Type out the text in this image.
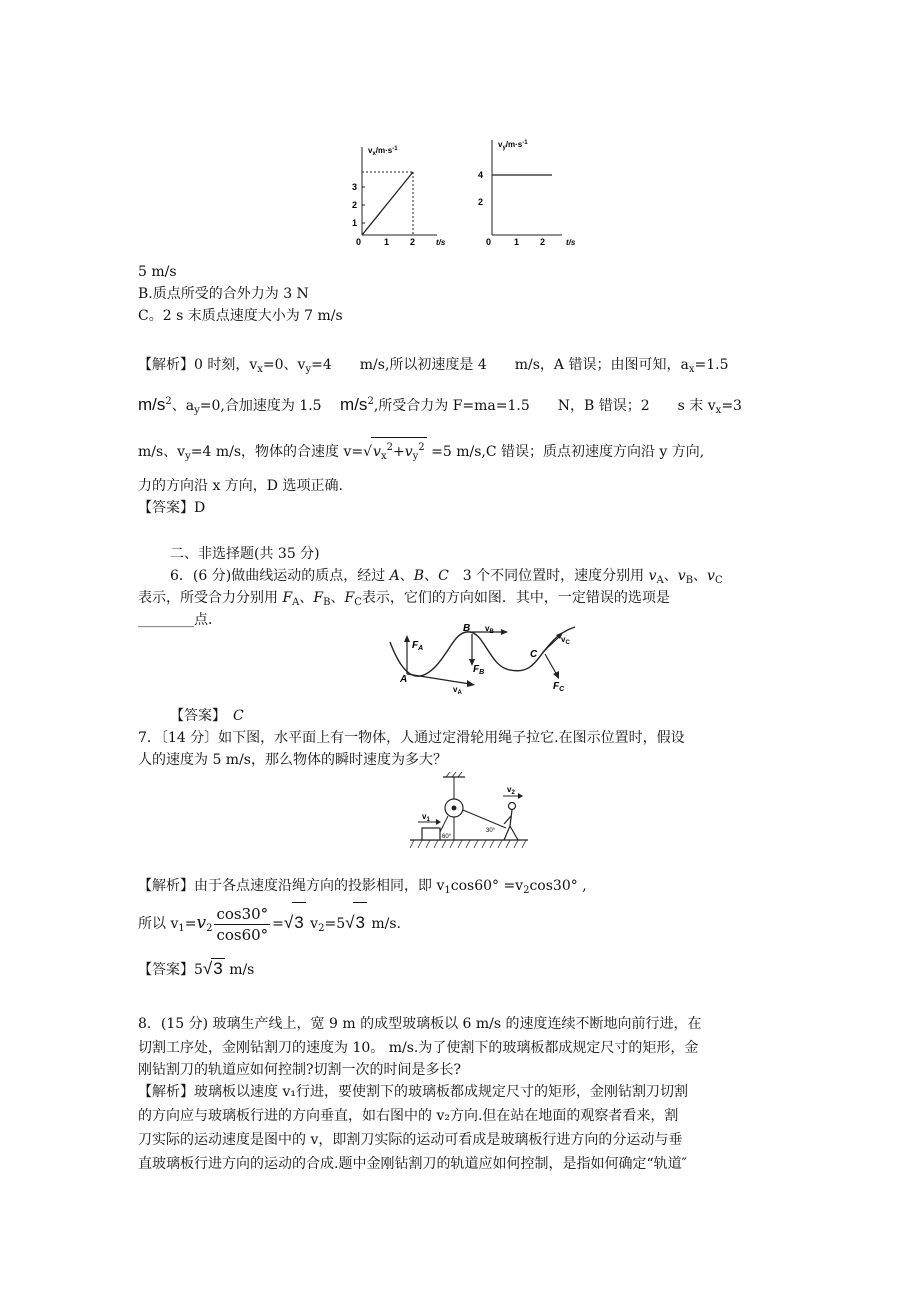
$v_x/m\cdot s^{-1}$
1
2
3
0	1 2	t/s
$v_y/m\cdot s^{-1}$
2
4
0	1 2	t/s
5 m/s
B.质点所受的合外力为 3 N
C。2 s 末质点速度大小为 7 m/s
【解析】0 时刻，$v_x=0$、$v_y=4$　　m/s,所以初速度是 4　　m/s，A 错误；由图可知，$a_x=1.5$
$m/s^2$、$a_y=0$,合加速度为 1.5　 $m/s^2$,所受合力为 F=ma=1.5　　N，B 错误；2　　s 末 $v_x=3$
m/s、$v_y=4$ m/s，物体的合速度 $v=√v_x^2+v_y^2 =5$ m/s,C 错误；质点初速度方向沿 y 方向,
力的方向沿 x 方向，D 选项正确.
【答案】D
二、非选择题(共 35 分)
6．(6 分)做曲线运动的质点，经过 A、B、C　 3 个不同位置时，速度分别用 $v_A$、$v_B$、$v_C$
表示，所受合力分别用 $F_A$、$F_B$、$F_C$表示，它们的方向如图．其中，一定错误的选项是
________点．
A
$F_A$
$v_A$
B $v_B$
$F_B$
C
$v_C$
$F_C$
【答案】　 C
7．〔14 分〕如下图，水平面上有一物体，人通过定滑轮用绳子拉它.在图示位置时，假设
人的速度为 5 m/s，那么物体的瞬时速度为多大？
$v_1$
60°
30°
$v_2$
【解析】由于各点速度沿绳方向的投影相同，即 $v_1\cos 60^\circ =v_2\cos 30^\circ$ ,
所以 $v_1=v_2 \frac{\cos 30^\circ}{\cos 60^\circ} =√3$ $v_2=5√3$ m/s.
【答案】5√3 m/s
8．(15 分) 玻璃生产线上，宽 9 m 的成型玻璃板以 6 m/s 的速度连续不断地向前行进，在
切割工序处，金刚钻割刀的速度为 10。 m/s.为了使割下的玻璃板都成规定尺寸的矩形，金
刚钻割刀的轨道应如何控制?切割一次的时间是多长?
【解析】玻璃板以速度 v₁行进，要使割下的玻璃板都成规定尺寸的矩形，金刚钻割刀切割
的方向应与玻璃板行进的方向垂直，如右图中的 v₂方向.但在站在地面的观察者看来，割
刀实际的运动速度是图中的 v，即割刀实际的运动可看成是玻璃板行进方向的分运动与垂
直玻璃板行进方向的运动的合成.题中金刚钻割刀的轨道应如何控制，是指如何确定“轨道″
